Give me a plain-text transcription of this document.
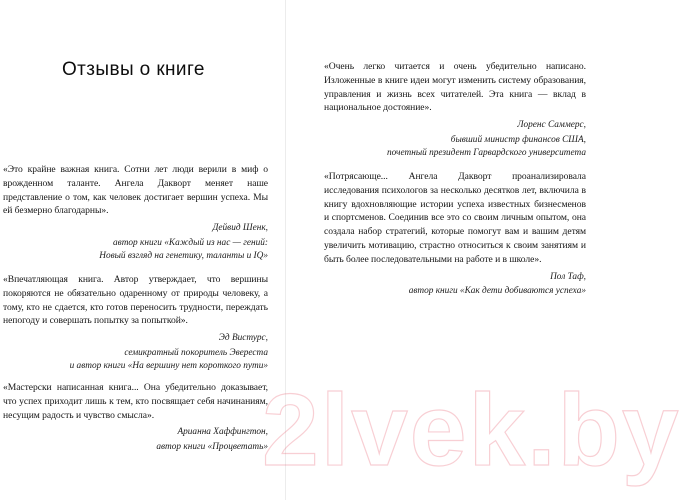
Отзывы о книге
«Это крайне важная книга. Сотни лет люди верили в миф о врожденном таланте. Ангела Дакворт меняет наше представление о том, как человек достигает вершин успеха. Мы ей безмерно благодарны».
Дейвид Шенк,
автор книги «Каждый из нас — гений:
Новый взгляд на генетику, таланты и IQ»
«Впечатляющая книга. Автор утверждает, что вершины покоряются не обязательно одаренному от природы человеку, а тому, кто не сдается, кто готов переносить трудности, переждать непогоду и совершать попытку за попыткой».
Эд Вистурс,
семикратный покоритель Эвереста
и автор книги «На вершину нет короткого пути»
«Мастерски написанная книга... Она убедительно доказывает, что успех приходит лишь к тем, кто посвящает себя начинаниям, несущим радость и чувство смысла».
Арианна Хаффингтон,
автор книги «Процветать»
«Очень легко читается и очень убедительно написано. Изложенные в книге идеи могут изменить систему образования, управления и жизнь всех читателей. Эта книга — вклад в национальное достояние».
Лоренс Саммерс,
бывший министр финансов США,
почетный президент Гарвардского университета
«Потрясающе... Ангела Дакворт проанализировала исследования психологов за несколько десятков лет, включила в книгу вдохновляющие истории успеха известных бизнесменов и спортсменов. Соединив все это со своим личным опытом, она создала набор стратегий, которые помогут вам и вашим детям увеличить мотивацию, страстно относиться к своим занятиям и быть более последовательными на работе и в школе».
Пол Таф,
автор книги «Как дети добиваются успеха»
